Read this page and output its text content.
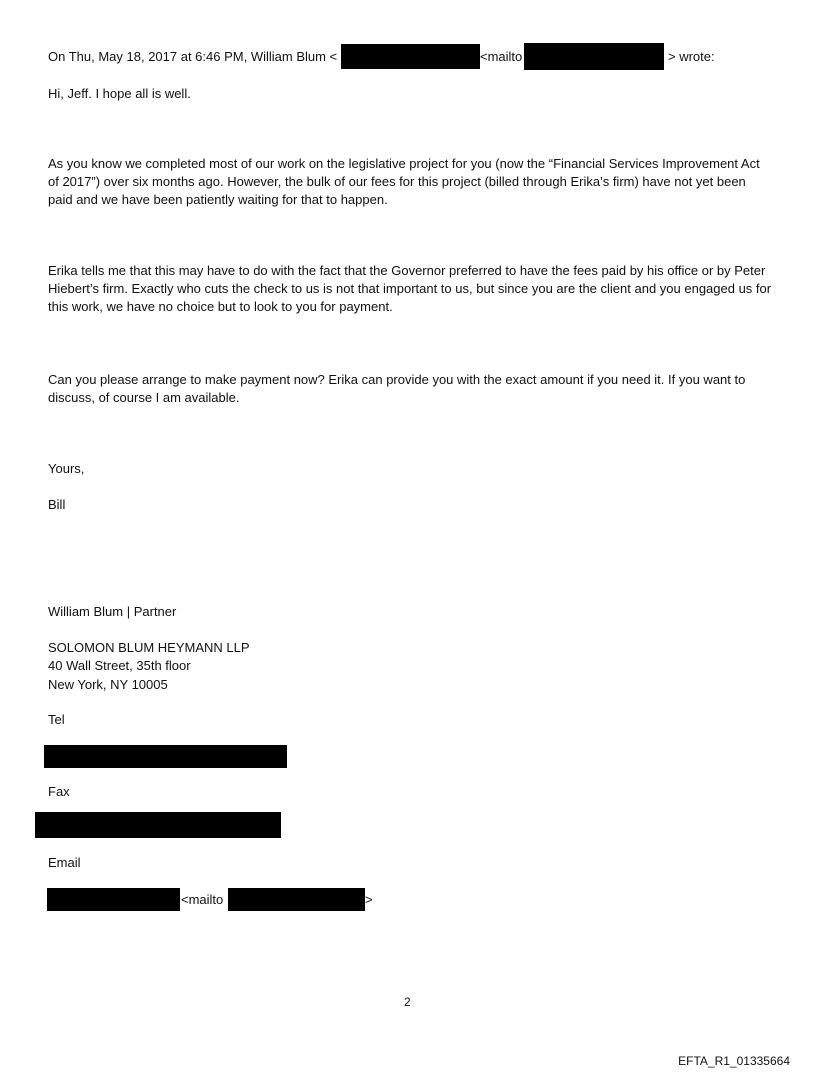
On Thu, May 18, 2017 at 6:46 PM, William Blum <	<mailto	> wrote:
Hi, Jeff. I hope all is well.
As you know we completed most of our work on the legislative project for you (now the “Financial Services Improvement Act of 2017”) over six months ago. However, the bulk of our fees for this project (billed through Erika’s firm) have not yet been paid and we have been patiently waiting for that to happen.
Erika tells me that this may have to do with the fact that the Governor preferred to have the fees paid by his office or by Peter Hiebert’s firm. Exactly who cuts the check to us is not that important to us, but since you are the client and you engaged us for this work, we have no choice but to look to you for payment.
Can you please arrange to make payment now? Erika can provide you with the exact amount if you need it. If you want to discuss, of course I am available.
Yours,
Bill
William Blum | Partner
SOLOMON BLUM HEYMANN LLP
40 Wall Street, 35th floor
New York, NY 10005
Tel
Fax
Email
<mailto	>
2
EFTA_R1_01335664
